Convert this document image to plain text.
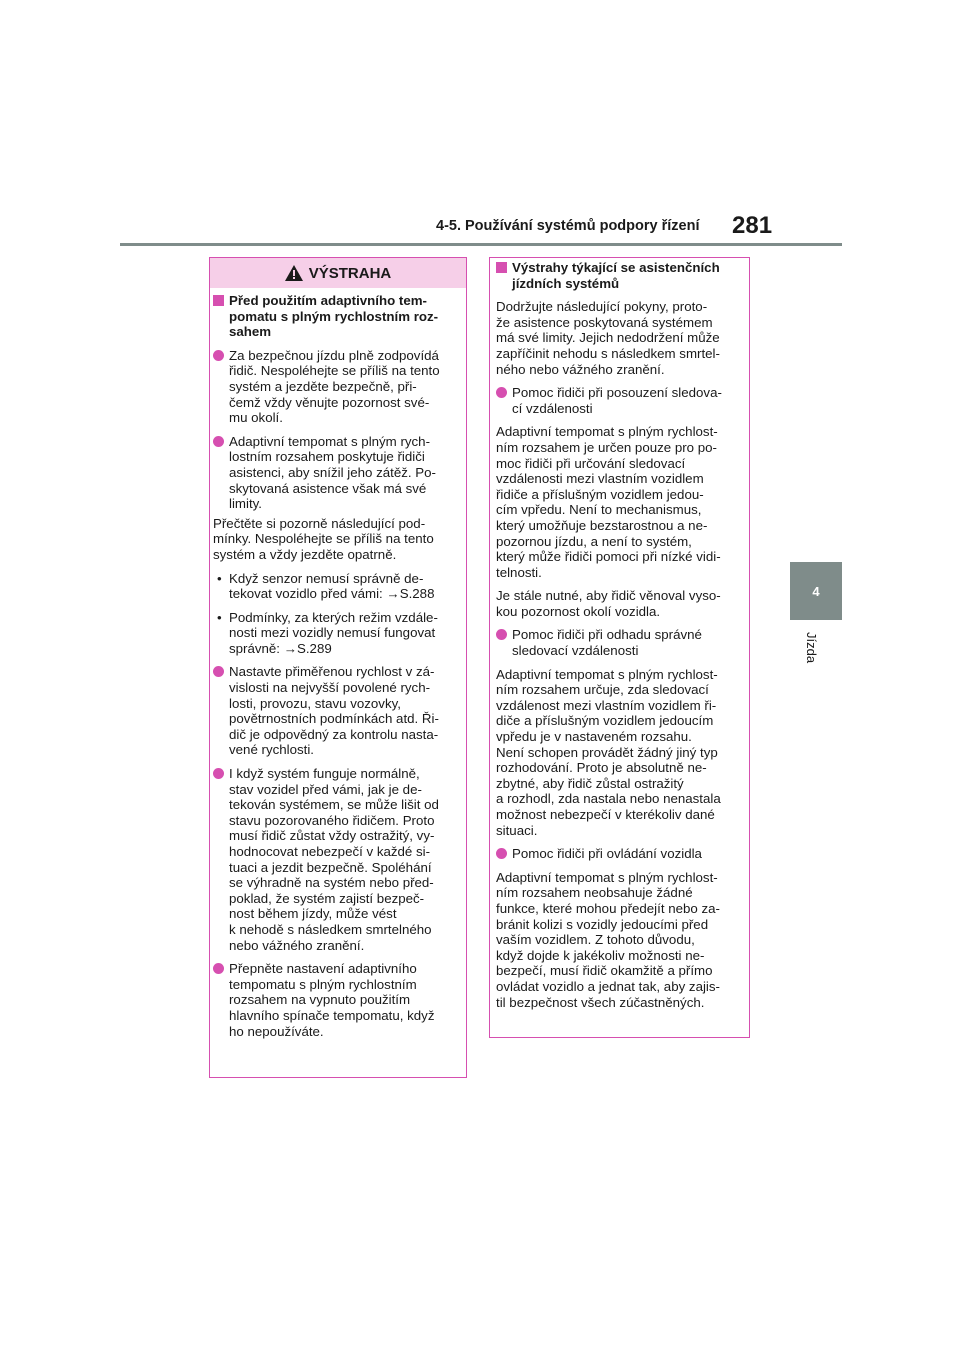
4-5. Používání systémů podpory řízení 281
4
Jízda
VÝSTRAHA
Před použitím adaptivního tem-
pomatu s plným rychlostním roz-
sahem
Za bezpečnou jízdu plně zodpovídá
řidič. Nespoléhejte se příliš na tento
systém a jezděte bezpečně, při-
čemž vždy věnujte pozornost své-
mu okolí.
Adaptivní tempomat s plným rych-
lostním rozsahem poskytuje řidiči
asistenci, aby snížil jeho zátěž. Po-
skytovaná asistence však má své
limity.
Přečtěte si pozorně následující pod-
mínky. Nespoléhejte se příliš na tento
systém a vždy jezděte opatrně.
• Když senzor nemusí správně de-
tekovat vozidlo před vámi: →S.288
• Podmínky, za kterých režim vzdále-
nosti mezi vozidly nemusí fungovat
správně: →S.289
Nastavte přiměřenou rychlost v zá-
vislosti na nejvyšší povolené rych-
losti, provozu, stavu vozovky,
povětrnostních podmínkách atd. Ři-
dič je odpovědný za kontrolu nasta-
vené rychlosti.
I když systém funguje normálně,
stav vozidel před vámi, jak je de-
tekován systémem, se může lišit od
stavu pozorovaného řidičem. Proto
musí řidič zůstat vždy ostražitý, vy-
hodnocovat nebezpečí v každé si-
tuaci a jezdit bezpečně. Spoléhání
se výhradně na systém nebo před-
poklad, že systém zajistí bezpeč-
nost během jízdy, může vést
k nehodě s následkem smrtelného
nebo vážného zranění.
Přepněte nastavení adaptivního
tempomatu s plným rychlostním
rozsahem na vypnuto použitím
hlavního spínače tempomatu, když
ho nepoužíváte.
Výstrahy týkající se asistenčních
jízdních systémů
Dodržujte následující pokyny, proto-
že asistence poskytovaná systémem
má své limity. Jejich nedodržení může
zapříčinit nehodu s následkem smrtel-
ného nebo vážného zranění.
Pomoc řidiči při posouzení sledova-
cí vzdálenosti
Adaptivní tempomat s plným rychlost-
ním rozsahem je určen pouze pro po-
moc řidiči při určování sledovací
vzdálenosti mezi vlastním vozidlem
řidiče a příslušným vozidlem jedou-
cím vpředu. Není to mechanismus,
který umožňuje bezstarostnou a ne-
pozornou jízdu, a není to systém,
který může řidiči pomoci při nízké vidi-
telnosti.
Je stále nutné, aby řidič věnoval vyso-
kou pozornost okolí vozidla.
Pomoc řidiči při odhadu správné
sledovací vzdálenosti
Adaptivní tempomat s plným rychlost-
ním rozsahem určuje, zda sledovací
vzdálenost mezi vlastním vozidlem ři-
diče a příslušným vozidlem jedoucím
vpředu je v nastaveném rozsahu.
Není schopen provádět žádný jiný typ
rozhodování. Proto je absolutně ne-
zbytné, aby řidič zůstal ostražitý
a rozhodl, zda nastala nebo nenastala
možnost nebezpečí v kterékoliv dané
situaci.
Pomoc řidiči při ovládání vozidla
Adaptivní tempomat s plným rychlost-
ním rozsahem neobsahuje žádné
funkce, které mohou předejít nebo za-
bránit kolizi s vozidly jedoucími před
vaším vozidlem. Z tohoto důvodu,
když dojde k jakékoliv možnosti ne-
bezpečí, musí řidič okamžitě a přímo
ovládat vozidlo a jednat tak, aby zajis-
til bezpečnost všech zúčastněných.
